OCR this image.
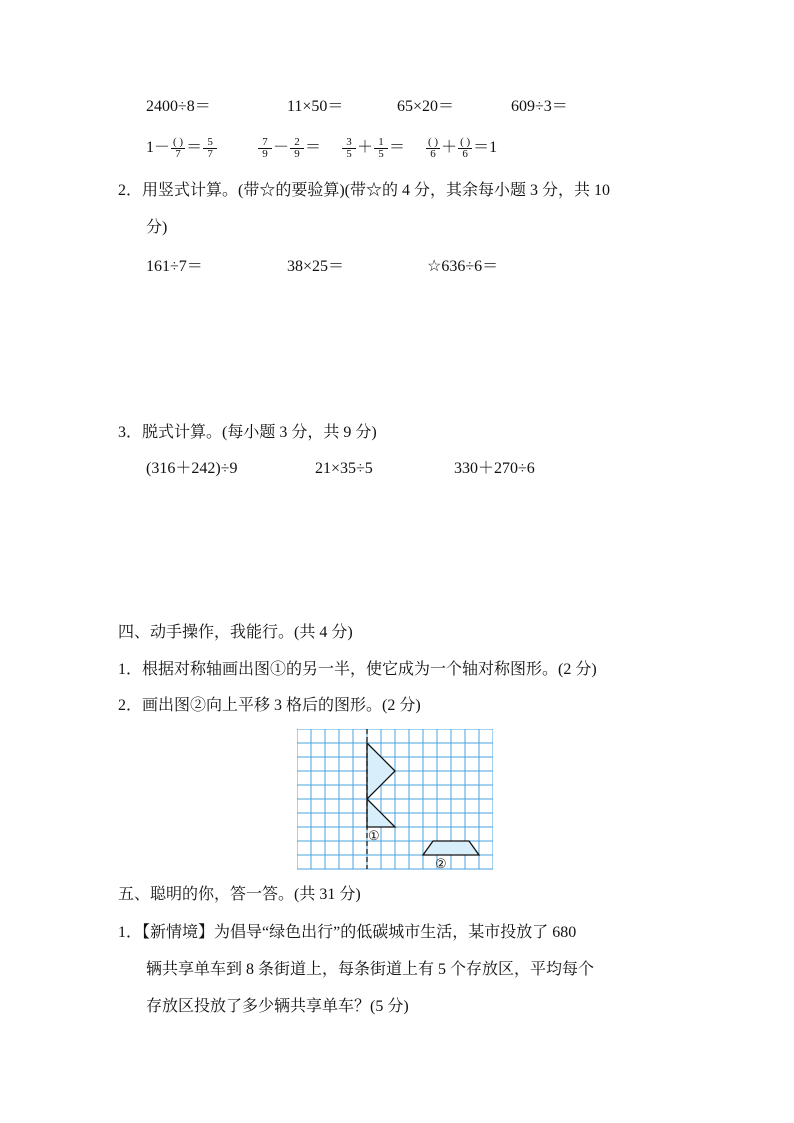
2400÷8＝	11×50＝	65×20＝	609÷3＝
$1- \frac{( )}{7} = \frac{5}{7}$	$\frac{7}{9} - \frac{2}{9} = \frac{3}{5} + \frac{1}{5} = \frac{( )}{6} + \frac{( )}{6} =1$
2．用竖式计算。(带☆的要验算)(带☆的 4 分，其余每小题 3 分，共 10
分)
161÷7＝	38×25＝	☆636÷6＝
3．脱式计算。(每小题 3 分，共 9 分)
(316＋242)÷9	21×35÷5	330＋270÷6
四、动手操作，我能行。(共 4 分)
1．根据对称轴画出图①的另一半，使它成为一个轴对称图形。(2 分)
2．画出图②向上平移 3 格后的图形。(2 分)
①
②
五、聪明的你，答一答。(共 31 分)
1．【新情境】为倡导“绿色出行”的低碳城市生活，某市投放了 680
辆共享单车到 8 条街道上，每条街道上有 5 个存放区，平均每个
存放区投放了多少辆共享单车？(5 分)
